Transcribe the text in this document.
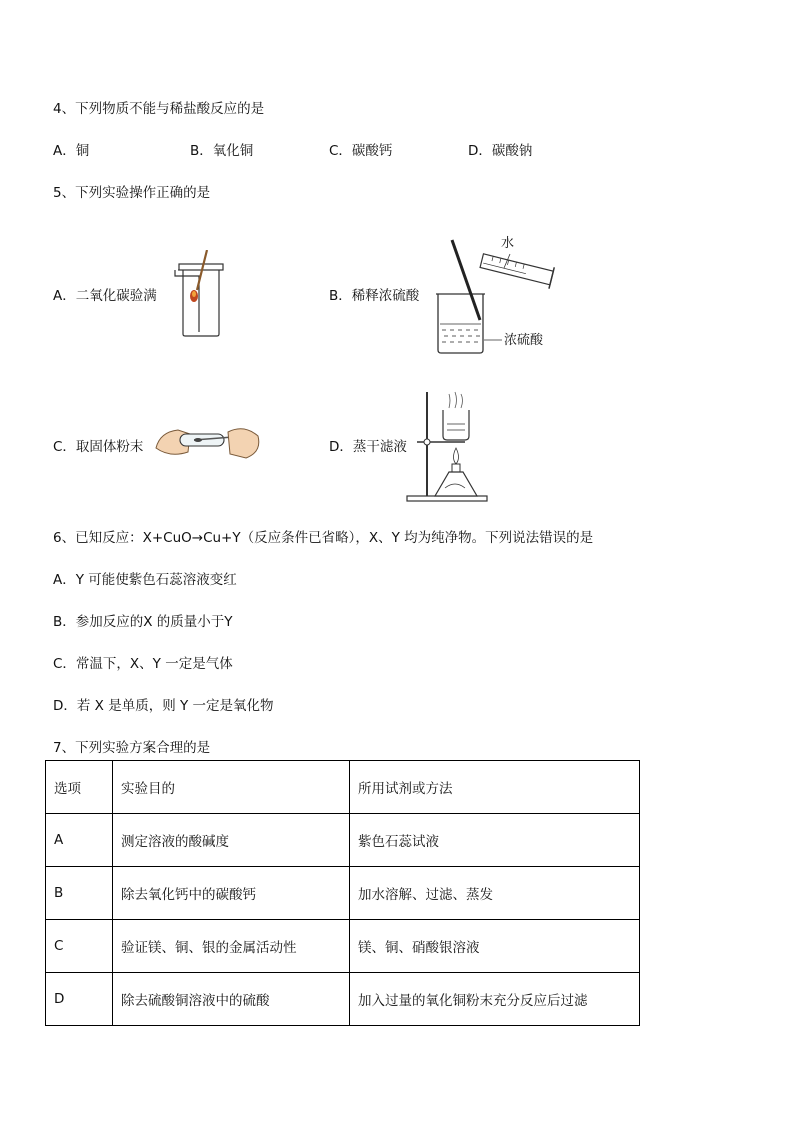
4、下列物质不能与稀盐酸反应的是
A．铜	B．氧化铜	C．碳酸钙	D．碳酸钠
5、下列实验操作正确的是
A．二氧化碳验满	B．稀释浓硫酸
C．取固体粉末	D．蒸干滤液
水
浓硫酸
6、已知反应：X+CuO→Cu+Y（反应条件已省略），X、Y 均为纯净物。下列说法错误的是
A．Y 可能使紫色石蕊溶液变红
B．参加反应的X 的质量小于Y
C．常温下，X、Y 一定是气体
D．若 X 是单质，则 Y 一定是氧化物
7、下列实验方案合理的是
选项	实验目的	所用试剂或方法
A	测定溶液的酸碱度	紫色石蕊试液
B	除去氧化钙中的碳酸钙	加水溶解、过滤、蒸发
C	验证镁、铜、银的金属活动性	镁、铜、硝酸银溶液
D	除去硫酸铜溶液中的硫酸	加入过量的氧化铜粉末充分反应后过滤
